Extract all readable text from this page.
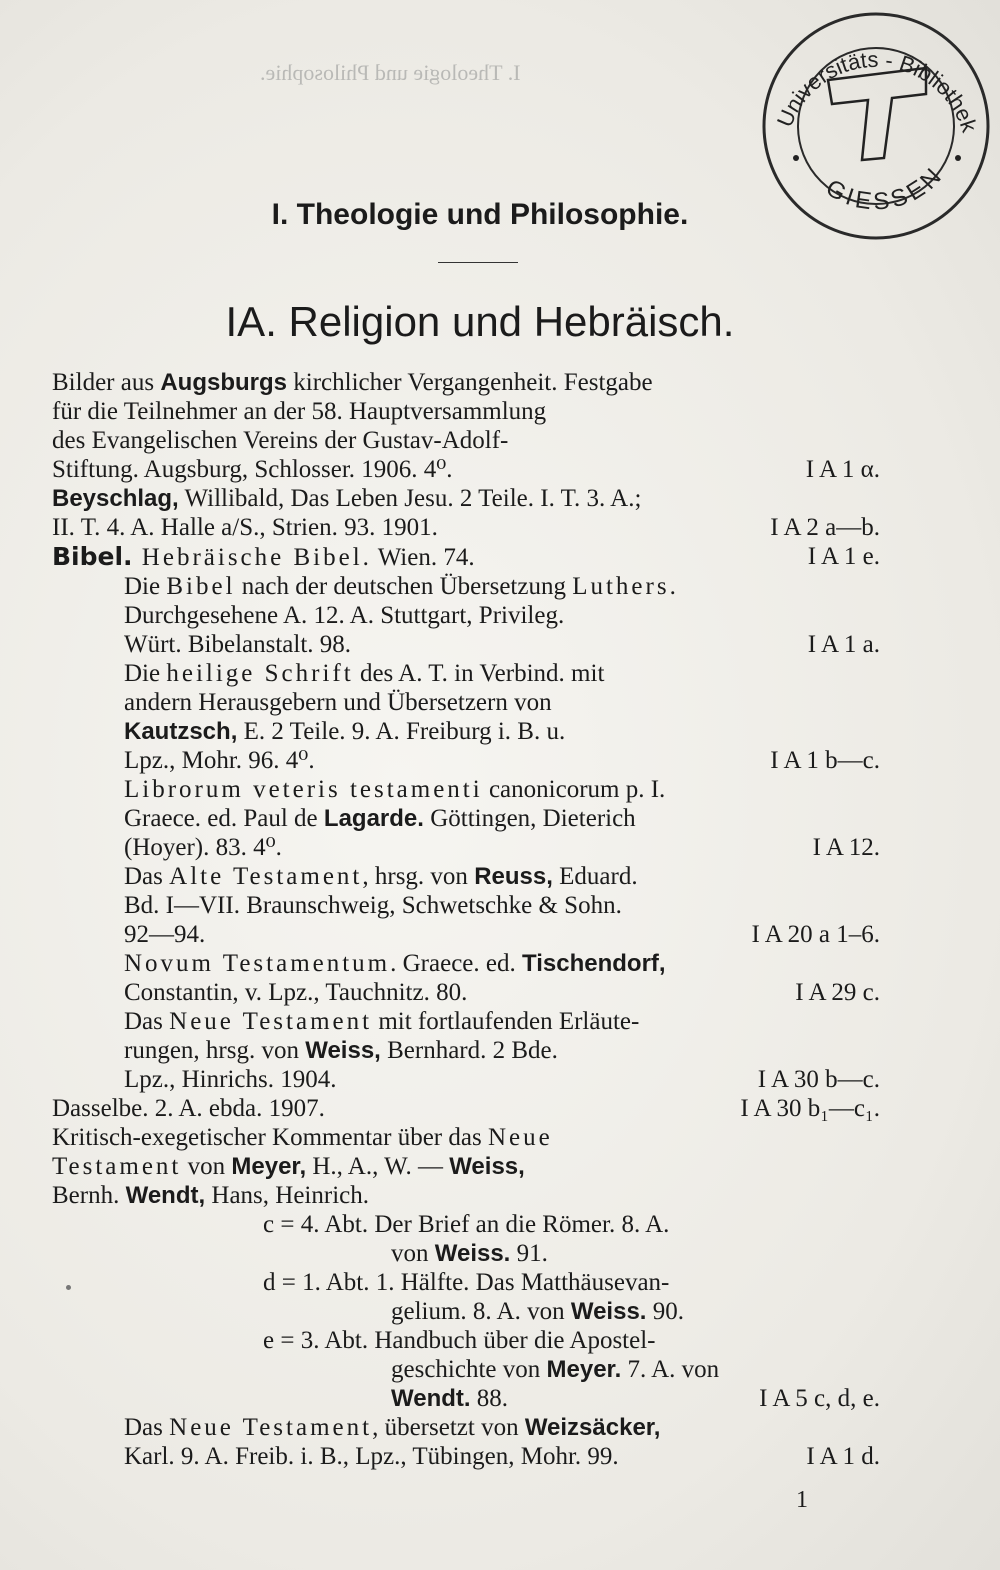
I. Theologie und Philosophie.
Universitäts - Bibliothek
GIESSEN
I. Theologie und Philosophie.
IA. Religion und Hebräisch.

Bilder aus Augsburgs kirchlicher Vergangenheit. Festgabe
für die Teilnehmer an der 58. Hauptversammlung
des Evangelischen Vereins der Gustav-Adolf-
Stiftung. Augsburg, Schlosser. 1906. 4⁰.	I A 1 α.

Beyschlag, Willibald, Das Leben Jesu. 2 Teile. I. T. 3. A.;
II. T. 4. A. Halle a/S., Strien. 93. 1901.	I A 2 a—b.

Bibel. Hebräische Bibel. Wien. 74.	I A 1 e.

Die Bibel nach der deutschen Übersetzung Luthers.
Durchgesehene A. 12. A. Stuttgart, Privileg.
Würt. Bibelanstalt. 98.	I A 1 a.

Die heilige Schrift des A. T. in Verbind. mit
andern Herausgebern und Übersetzern von
Kautzsch, E. 2 Teile. 9. A. Freiburg i. B. u.
Lpz., Mohr. 96. 4⁰.	I A 1 b—c.

Librorum veteris testamenti canonicorum p. I.
Graece. ed. Paul de Lagarde. Göttingen, Dieterich
(Hoyer). 83. 4⁰.	I A 12.

Das Alte Testament, hrsg. von Reuss, Eduard.
Bd. I—VII. Braunschweig, Schwetschke & Sohn.
92—94.	I A 20 a 1–6.

Novum Testamentum. Graece. ed. Tischendorf,
Constantin, v. Lpz., Tauchnitz. 80.	I A 29 c.

Das Neue Testament mit fortlaufenden Erläute-
rungen, hrsg. von Weiss, Bernhard. 2 Bde.
Lpz., Hinrichs. 1904.	I A 30 b—c.

Dasselbe. 2. A. ebda. 1907.	I A 30 b₁—c₁.

Kritisch-exegetischer Kommentar über das Neue
Testament von Meyer, H., A., W. — Weiss,
Bernh. Wendt, Hans, Heinrich.
c = 4. Abt. Der Brief an die Römer. 8. A.
von Weiss. 91.
d = 1. Abt. 1. Hälfte. Das Matthäusevan-
gelium. 8. A. von Weiss. 90.
e = 3. Abt. Handbuch über die Apostel-
geschichte von Meyer. 7. A. von
Wendt. 88.	I A 5 c, d, e.

Das Neue Testament, übersetzt von Weizsäcker,
Karl. 9. A. Freib. i. B., Lpz., Tübingen, Mohr. 99.	I A 1 d.

1
